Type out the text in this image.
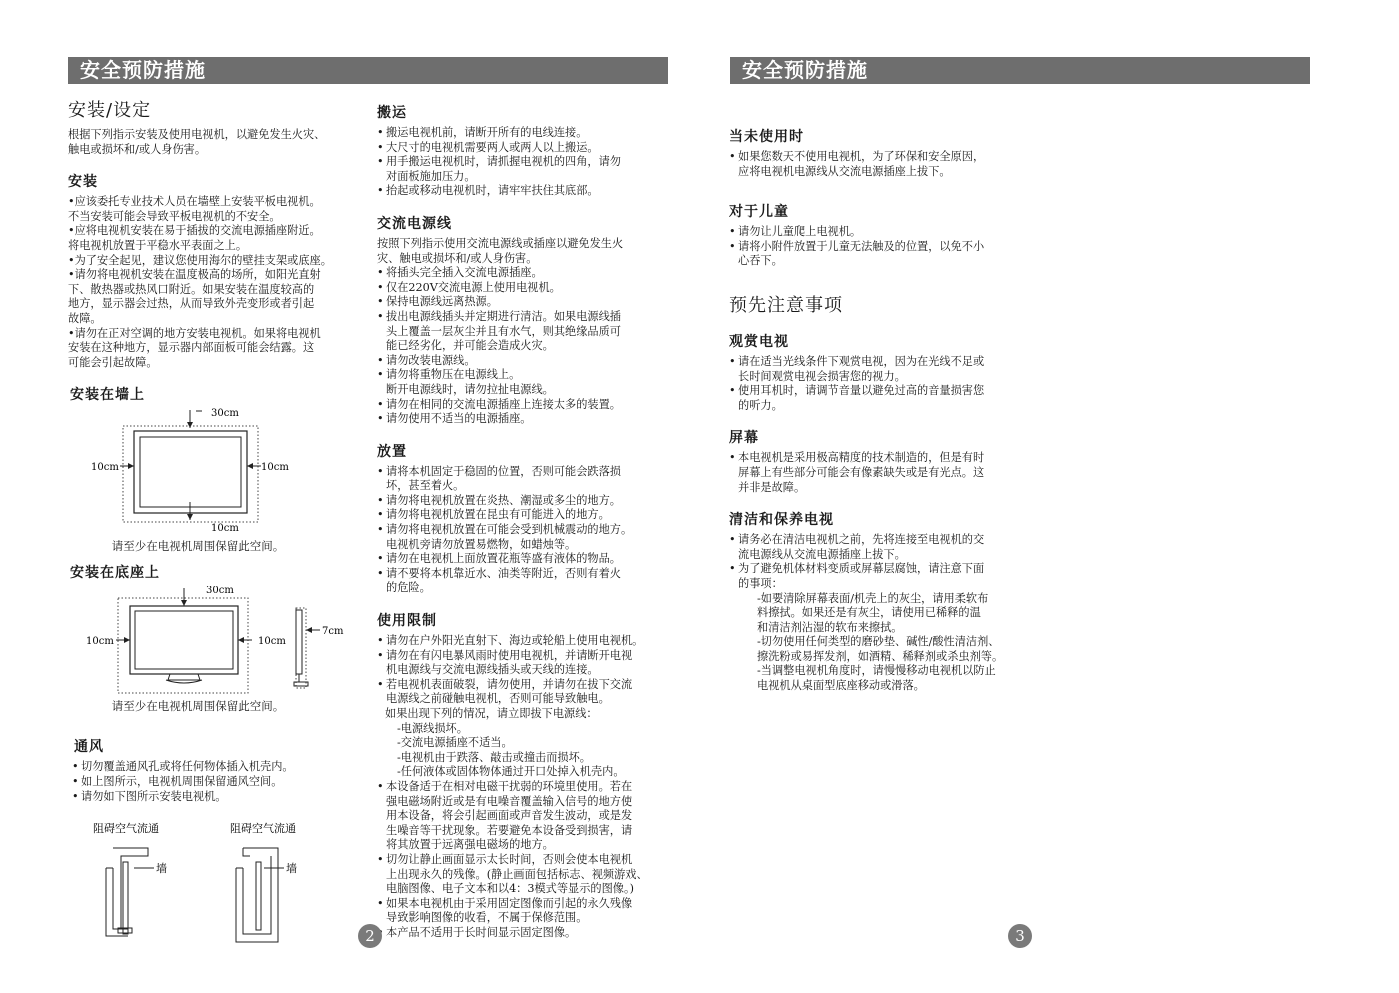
安全预防措施
安装/设定

根据下列指示安装及使用电视机，以避免发生火灾、

触电或损坏和/或人身伤害。

安装

•应该委托专业技术人员在墙壁上安装平板电视机。

不当安装可能会导致平板电视机的不安全。

•应将电视机安装在易于插拔的交流电源插座附近。

将电视机放置于平稳水平表面之上。

•为了安全起见，建议您使用海尔的壁挂支架或底座。

•请勿将电视机安装在温度极高的场所，如阳光直射

下、散热器或热风口附近。如果安装在温度较高的

地方，显示器会过热，从而导致外壳变形或者引起

故障。

•请勿在正对空调的地方安装电视机。如果将电视机

安装在这种地方，显示器内部面板可能会结露。这

可能会引起故障。

安装在墙上
30cm
10cm	10cm
10cm
请至少在电视机周围保留此空间。
安装在底座上
30cm
10cm	10cm
7cm
请至少在电视机周围保留此空间。
通风
• 切勿覆盖通风孔或将任何物体插入机壳内。
• 如上图所示，电视机周围保留通风空间。
• 请勿如下图所示安装电视机。
阻碍空气流通	阻碍空气流通
墙	墙
搬运
• 搬运电视机前，请断开所有的电线连接。
• 大尺寸的电视机需要两人或两人以上搬运。
• 用手搬运电视机时，请抓握电视机的四角，请勿
对面板施加压力。
• 抬起或移动电视机时，请牢牢扶住其底部。
交流电源线

按照下列指示使用交流电源线或插座以避免发生火

灾、触电或损坏和/或人身伤害。

• 将插头完全插入交流电源插座。
• 仅在220V交流电源上使用电视机。
• 保持电源线远离热源。
• 拔出电源线插头并定期进行清洁。如果电源线插
头上覆盖一层灰尘并且有水气，则其绝缘品质可
能已经劣化，并可能会造成火灾。
• 请勿改装电源线。
• 请勿将重物压在电源线上。
断开电源线时，请勿拉扯电源线。
• 请勿在相同的交流电源插座上连接太多的装置。
• 请勿使用不适当的电源插座。
放置
• 请将本机固定于稳固的位置，否则可能会跌落损
坏，甚至着火。
• 请勿将电视机放置在炎热、潮湿或多尘的地方。
• 请勿将电视机放置在昆虫有可能进入的地方。
• 请勿将电视机放置在可能会受到机械震动的地方。
电视机旁请勿放置易燃物，如蜡烛等。
• 请勿在电视机上面放置花瓶等盛有液体的物品。
• 请不要将本机靠近水、油类等附近，否则有着火
的危险。
使用限制
• 请勿在户外阳光直射下、海边或轮船上使用电视机。
• 请勿在有闪电暴风雨时使用电视机，并请断开电视
机电源线与交流电源线插头或天线的连接。
• 若电视机表面破裂，请勿使用，并请勿在拔下交流
电源线之前碰触电视机，否则可能导致触电。

如果出现下列的情况，请立即拔下电源线：

-电源线损坏。

-交流电源插座不适当。

-电视机由于跌落、敲击或撞击而损坏。

-任何液体或固体物体通过开口处掉入机壳内。

• 本设备适于在相对电磁干扰弱的环境里使用。若在
强电磁场附近或是有电噪音覆盖输入信号的地方使
用本设备，将会引起画面或声音发生波动，或是发
生噪音等干扰现象。若要避免本设备受到损害，请
将其放置于远离强电磁场的地方。
• 切勿让静止画面显示太长时间，否则会使本电视机
上出现永久的残像。(静止画面包括标志、视频游戏、
电脑图像、电子文本和以4：3模式等显示的图像。)
• 如果本电视机由于采用固定图像而引起的永久残像
导致影响图像的收看，不属于保修范围。
• 本产品不适用于长时间显示固定图像。
2
安全预防措施
当未使用时
• 如果您数天不使用电视机，为了环保和安全原因，
应将电视机电源线从交流电源插座上拔下。
对于儿童
• 请勿让儿童爬上电视机。
• 请将小附件放置于儿童无法触及的位置，以免不小
心吞下。
预先注意事项
观赏电视
• 请在适当光线条件下观赏电视，因为在光线不足或
长时间观赏电视会损害您的视力。
• 使用耳机时，请调节音量以避免过高的音量损害您
的听力。
屏幕
• 本电视机是采用极高精度的技术制造的，但是有时
屏幕上有些部分可能会有像素缺失或是有光点。这
并非是故障。
清洁和保养电视
• 请务必在清洁电视机之前，先将连接至电视机的交
流电源线从交流电源插座上拔下。
• 为了避免机体材料变质或屏幕层腐蚀，请注意下面
的事项：

-如要清除屏幕表面/机壳上的灰尘，请用柔软布

料擦拭。如果还是有灰尘，请使用已稀释的温

和清洁剂沾湿的软布来擦拭。

-切勿使用任何类型的磨砂垫、碱性/酸性清洁剂、

擦洗粉或易挥发剂，如酒精、稀释剂或杀虫剂等。

-当调整电视机角度时，请慢慢移动电视机以防止

电视机从桌面型底座移动或滑落。

3
